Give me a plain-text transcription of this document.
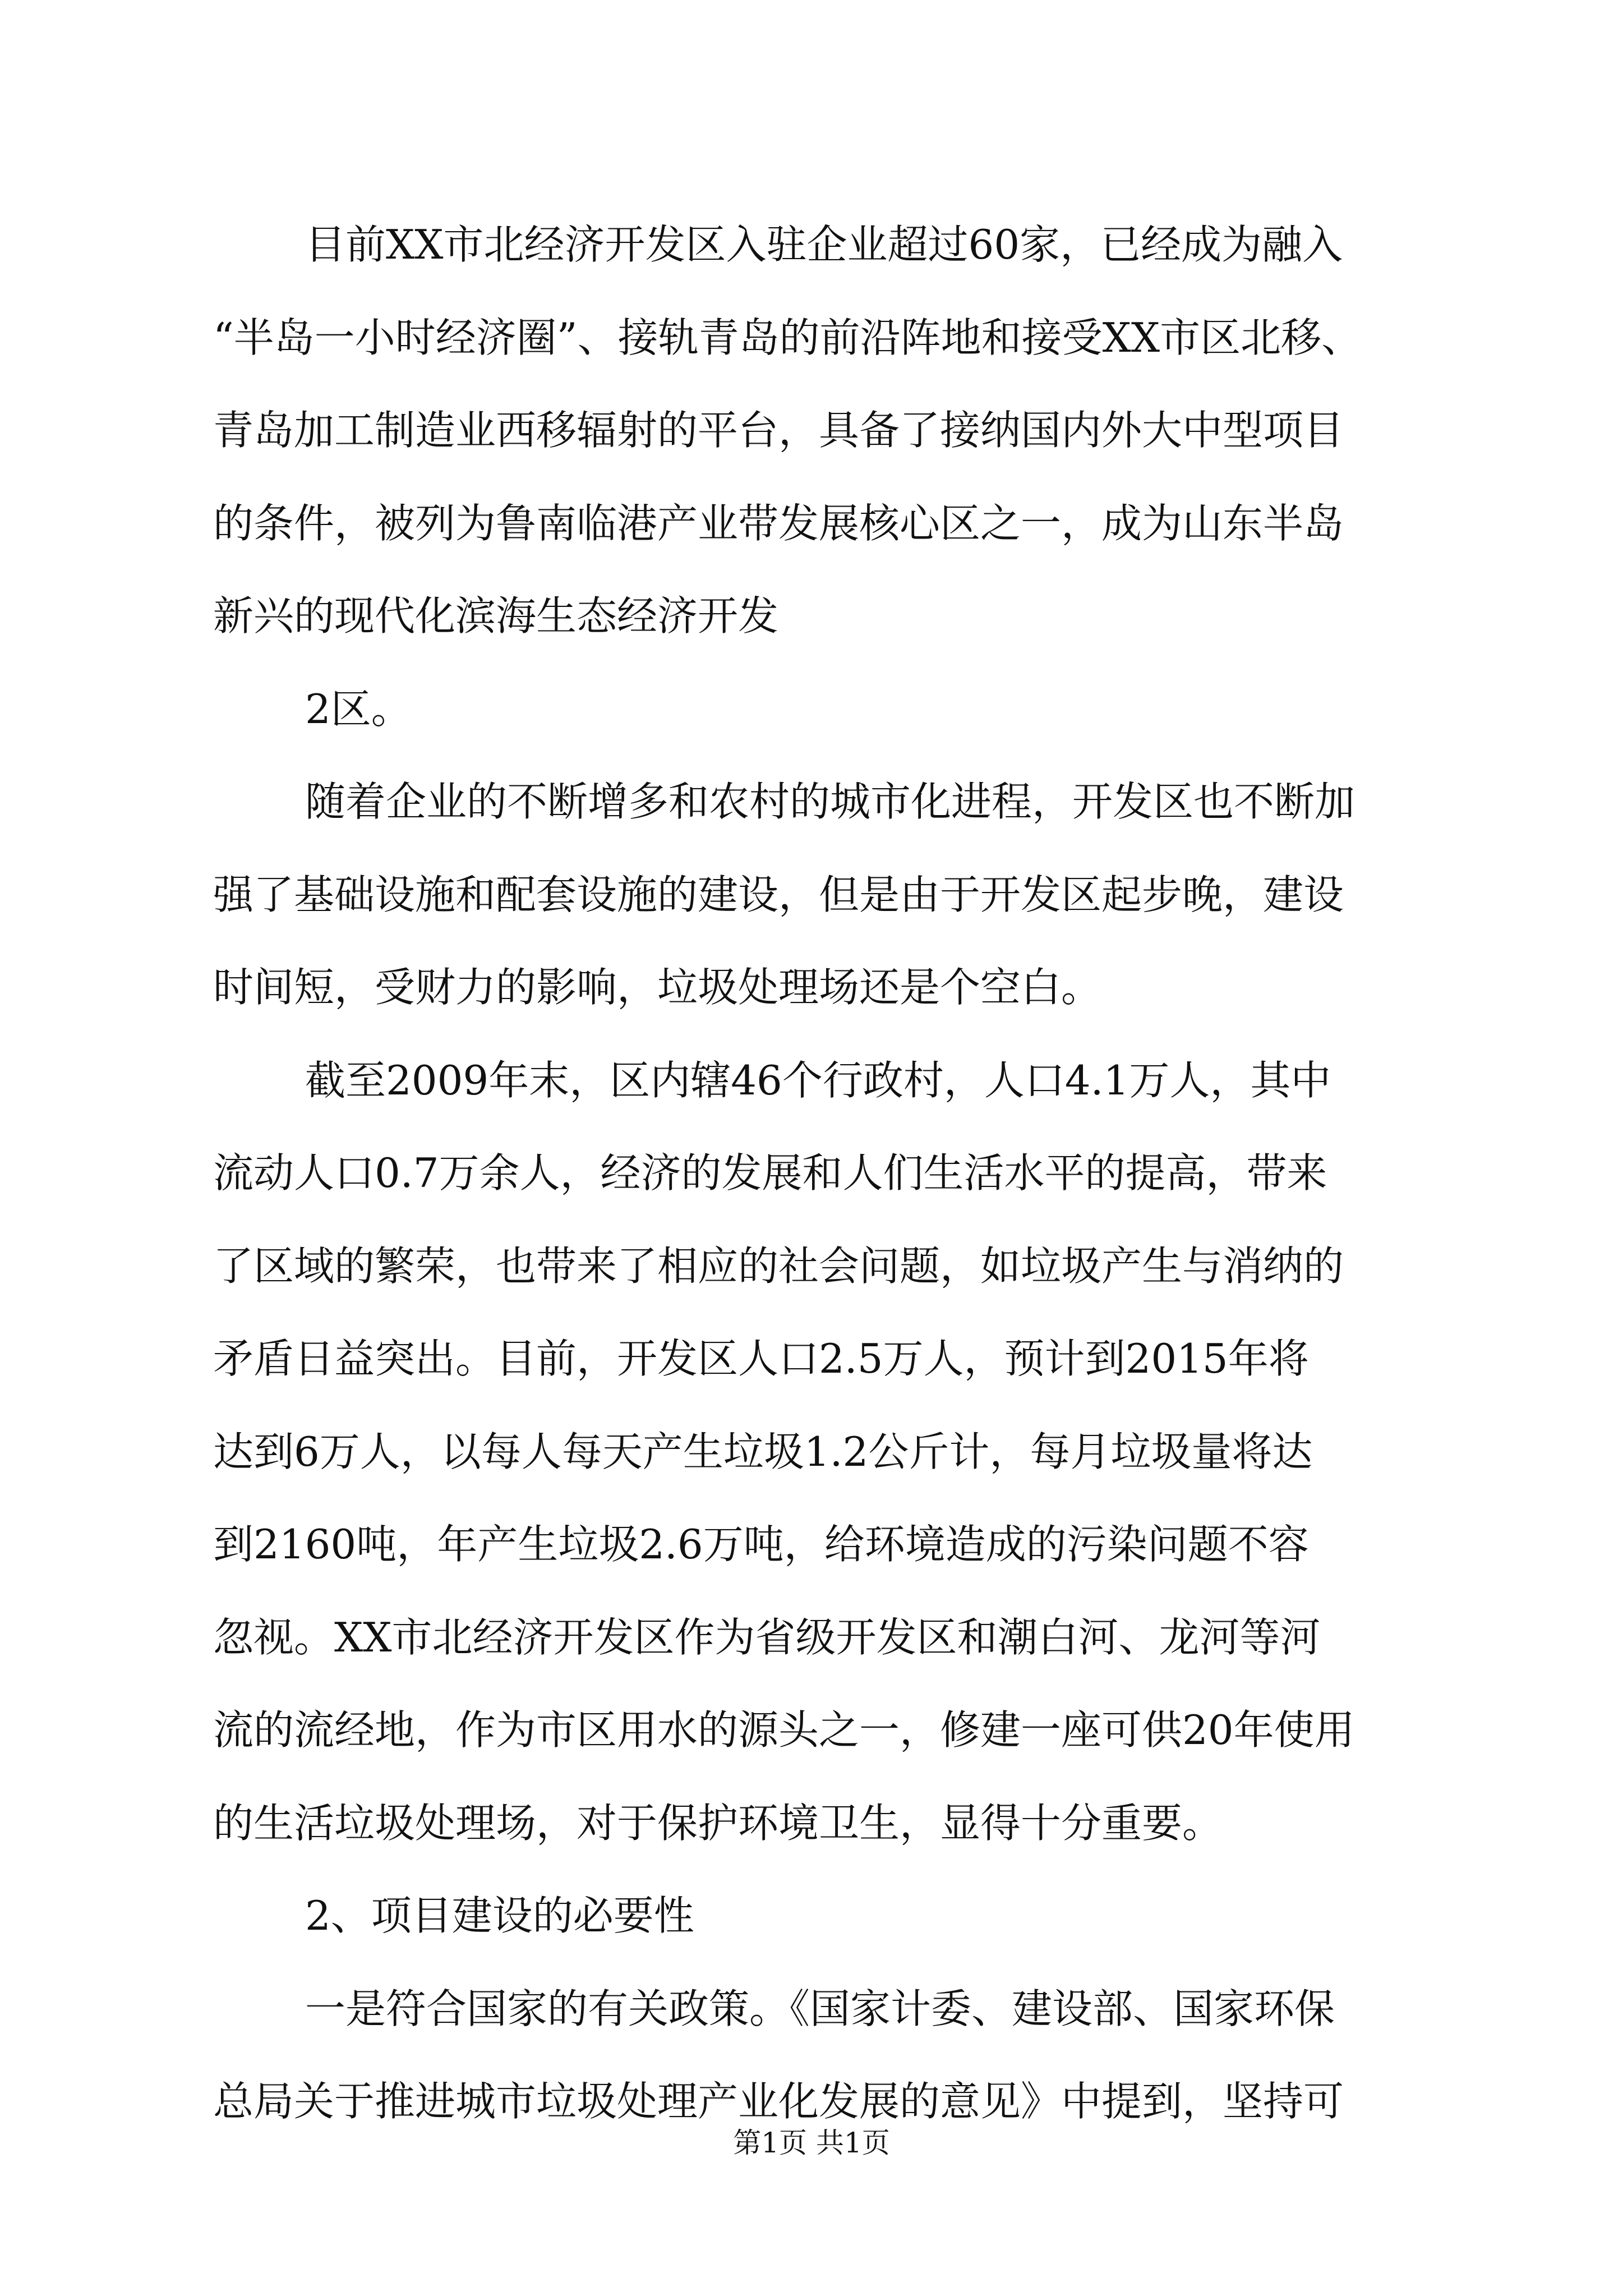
目前XX市北经济开发区入驻企业超过60家，已经成为融入
“半岛一小时经济圈”、接轨青岛的前沿阵地和接受XX市区北移、
青岛加工制造业西移辐射的平台，具备了接纳国内外大中型项目
的条件，被列为鲁南临港产业带发展核心区之一，成为山东半岛
新兴的现代化滨海生态经济开发
2区。
随着企业的不断增多和农村的城市化进程，开发区也不断加
强了基础设施和配套设施的建设，但是由于开发区起步晚，建设
时间短，受财力的影响，垃圾处理场还是个空白。
截至2009年末，区内辖46个行政村，人口4.1万人，其中
流动人口0.7万余人，经济的发展和人们生活水平的提高，带来
了区域的繁荣，也带来了相应的社会问题，如垃圾产生与消纳的
矛盾日益突出。目前，开发区人口2.5万人，预计到2015年将
达到6万人，以每人每天产生垃圾1.2公斤计，每月垃圾量将达
到2160吨，年产生垃圾2.6万吨，给环境造成的污染问题不容
忽视。XX市北经济开发区作为省级开发区和潮白河、龙河等河
流的流经地，作为市区用水的源头之一，修建一座可供20年使用
的生活垃圾处理场，对于保护环境卫生，显得十分重要。
2、项目建设的必要性
一是符合国家的有关政策。《国家计委、建设部、国家环保
总局关于推进城市垃圾处理产业化发展的意见》中提到，坚持可
第1页 共1页
